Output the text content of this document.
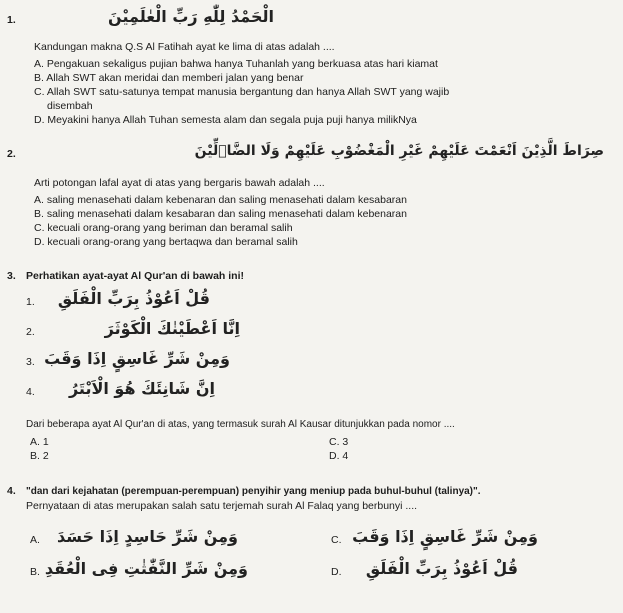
1.	الْحَمْدُ لِلّٰهِ رَبِّ الْعٰلَمِيْنَ
Kandungan makna Q.S Al Fatihah ayat ke lima di atas adalah ....
A. Pengakuan sekaligus pujian bahwa hanya Tuhanlah yang berkuasa atas hari kiamat
B. Allah SWT akan meridai dan memberi jalan yang benar
C. Allah SWT satu-satunya tempat manusia bergantung dan hanya Allah SWT yang wajib
disembah
D. Meyakini hanya Allah Tuhan semesta alam dan segala puja puji hanya milikNya
2.	صِرَاطَ الَّذِيْنَ اَنْعَمْتَ عَلَيْهِمْ غَيْرِ الْمَغْضُوْبِ عَلَيْهِمْ وَلَا الضَّاۤلِّيْنَ
Arti potongan lafal ayat di atas yang bergaris bawah adalah ....
A. saling menasehati dalam kebenaran dan saling menasehati dalam kesabaran
B. saling menasehati dalam kesabaran dan saling menasehati dalam kebenaran
C. kecuali orang-orang yang beriman dan beramal salih
D. kecuali orang-orang yang bertaqwa dan beramal salih
3. Perhatikan ayat-ayat Al Qur'an di bawah ini!
1.	قُلْ اَعُوْذُ بِرَبِّ الْفَلَقِ
2.	اِنَّا اَعْطَيْنٰكَ الْكَوْثَرَ
3. وَمِنْ شَرِّ غَاسِقٍ اِذَا وَقَبَ
4.	اِنَّ شَانِئَكَ هُوَ الْاَبْتَرُ
Dari beberapa ayat Al Qur'an di atas, yang termasuk surah Al Kausar ditunjukkan pada nomor ....
A. 1	C. 3
B. 2	D. 4
4. "dan dari kejahatan (perempuan-perempuan) penyihir yang meniup pada buhul-buhul (talinya)".
Pernyataan di atas merupakan salah satu terjemah surah Al Falaq yang berbunyi ....
A.	وَمِنْ شَرِّ حَاسِدٍ اِذَا حَسَدَ	C. وَمِنْ شَرِّ غَاسِقٍ اِذَا وَقَبَ
B. وَمِنْ شَرِّ النَّفّٰثٰتِ فِى الْعُقَدِ	D.	قُلْ اَعُوْذُ بِرَبِّ الْفَلَقِ
